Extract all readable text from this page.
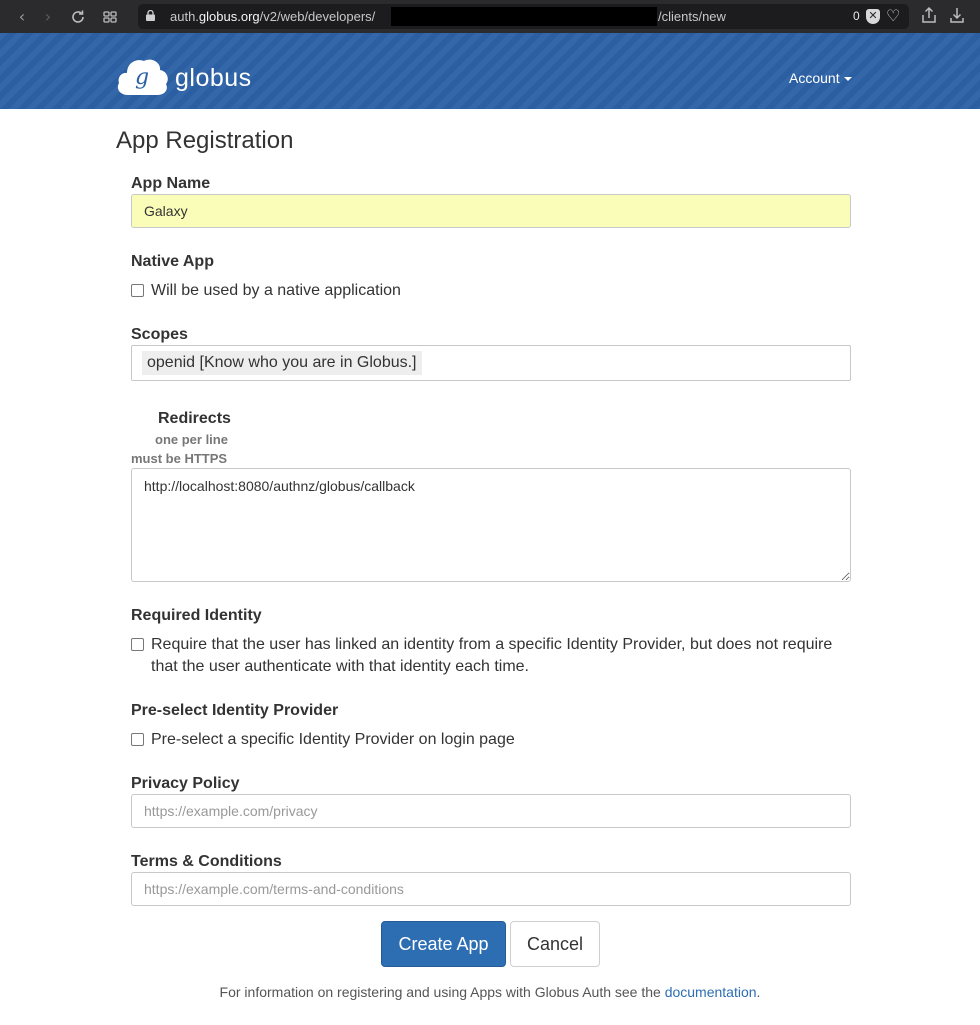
‹	›	auth.globus.org/v2/web/developers/	/clients/new	0 ✕ ♡
g globus	Account
App Registration
App Name
Galaxy
Native App
Will be used by a native application
Scopes
openid [Know who you are in Globus.]
Redirects
one per line
must be HTTPS
http://localhost:8080/authnz/globus/callback
Required Identity
Require that the user has linked an identity from a specific Identity Provider, but does not require
that the user authenticate with that identity each time.
Pre-select Identity Provider
Pre-select a specific Identity Provider on login page
Privacy Policy
https://example.com/privacy
Terms & Conditions
https://example.com/terms-and-conditions
Create App	Cancel
For information on registering and using Apps with Globus Auth see the documentation.
